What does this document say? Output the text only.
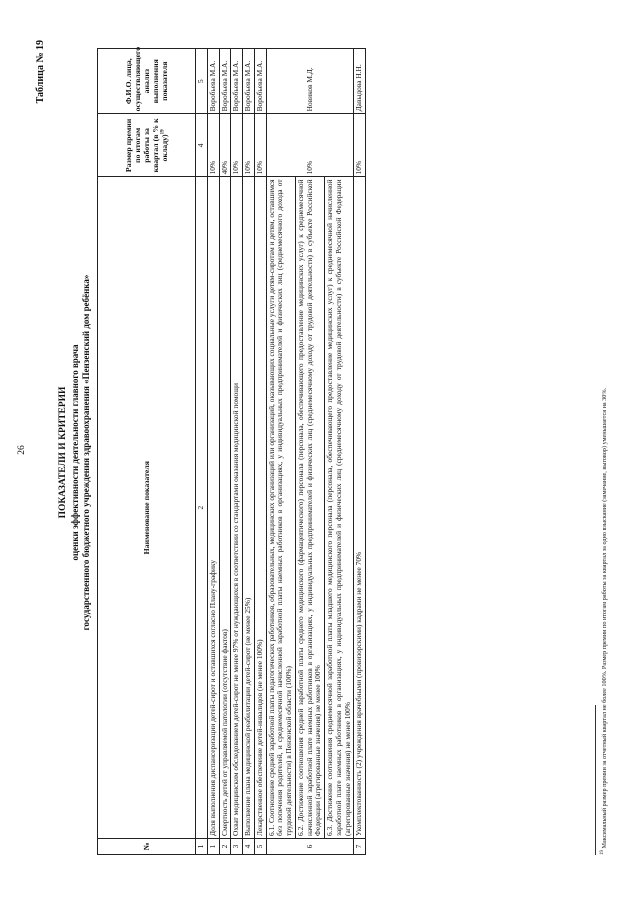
26
Таблица № 19
ПОКАЗАТЕЛИ И КРИТЕРИИ оценки эффективности деятельности главного врача государственного бюджетного учреждения здравоохранения «Пензенский дом ребёнка»
№	Наименование показателя	Размер премии по итогам работы за квартал (в % к окладу)$^{19}$	Ф.И.О. лица, осуществляющего анализ выполнения показателя
1	2	4	5
1	Доля выполнения диспансеризации детей-сирот и оставшихся согласно Плану-графику	10%	Воробьева М.А.
2	Смертность детей от управляемой патологии (отсутствие фактов)	40%	Воробьева М.А.
3	Охват медицинским обследованием детей-сирот не менее 97% от нуждающихся в соответствии со стандартами оказания медицинской помощи	10%	Воробьева М.А.
4	Выполнение плана медицинской реабилитации детей-сирот (не менее 25%)	10%	Воробьева М.А.
5	Лекарственное обеспечение детей-инвалидов (не менее 100%)	10%	Воробьева М.А.
6	6.1. Соотношение средней заработной платы педагогических работников, образовательных, медицинских организаций или организаций, оказывающих социальные услуги детям-сиротам и детям, оставшимся без попечения родителей, и среднемесячной начисленной заработной платы наемных работников в организациях, у индивидуальных предпринимателей и физических лиц (среднемесячного дохода от трудовой деятельности) в Пензенской области (100%)	10%	Новиков М.Д.
	6.2. Достижение соотношения средней заработной платы среднего медицинского (фармацевтического) персонала (персонала, обеспечивающего предоставление медицинских услуг) к среднемесячной начисленной заработной плате наемных работников в организациях, у индивидуальных предпринимателей и физических лиц (среднемесячному доходу от трудовой деятельности) в субъекте Российской Федерации (агрегированные значения) не менее 100%		
	6.3. Достижение соотношения среднемесячной заработной платы младшего медицинского персонала (персонала, обеспечивающего предоставление медицинских услуг) к среднемесячной начисленной заработной плате наемных работников в организациях, у индивидуальных предпринимателей и физических лиц (среднемесячному доходу от трудовой деятельности) в субъекте Российской Федерации (агрегированные значения) не менее 100%		
7	Укомплектованность (2) учреждения врачебными (провизорскими) кадрами не менее 70%	10%	Давыдова Н.Н.
$^{19}$ Максимальный размер премии за отчетный квартал не более 100%. Размер премии по итогам работы за квартал за одно взыскание (замечание, выговор) уменьшается на 30%.
